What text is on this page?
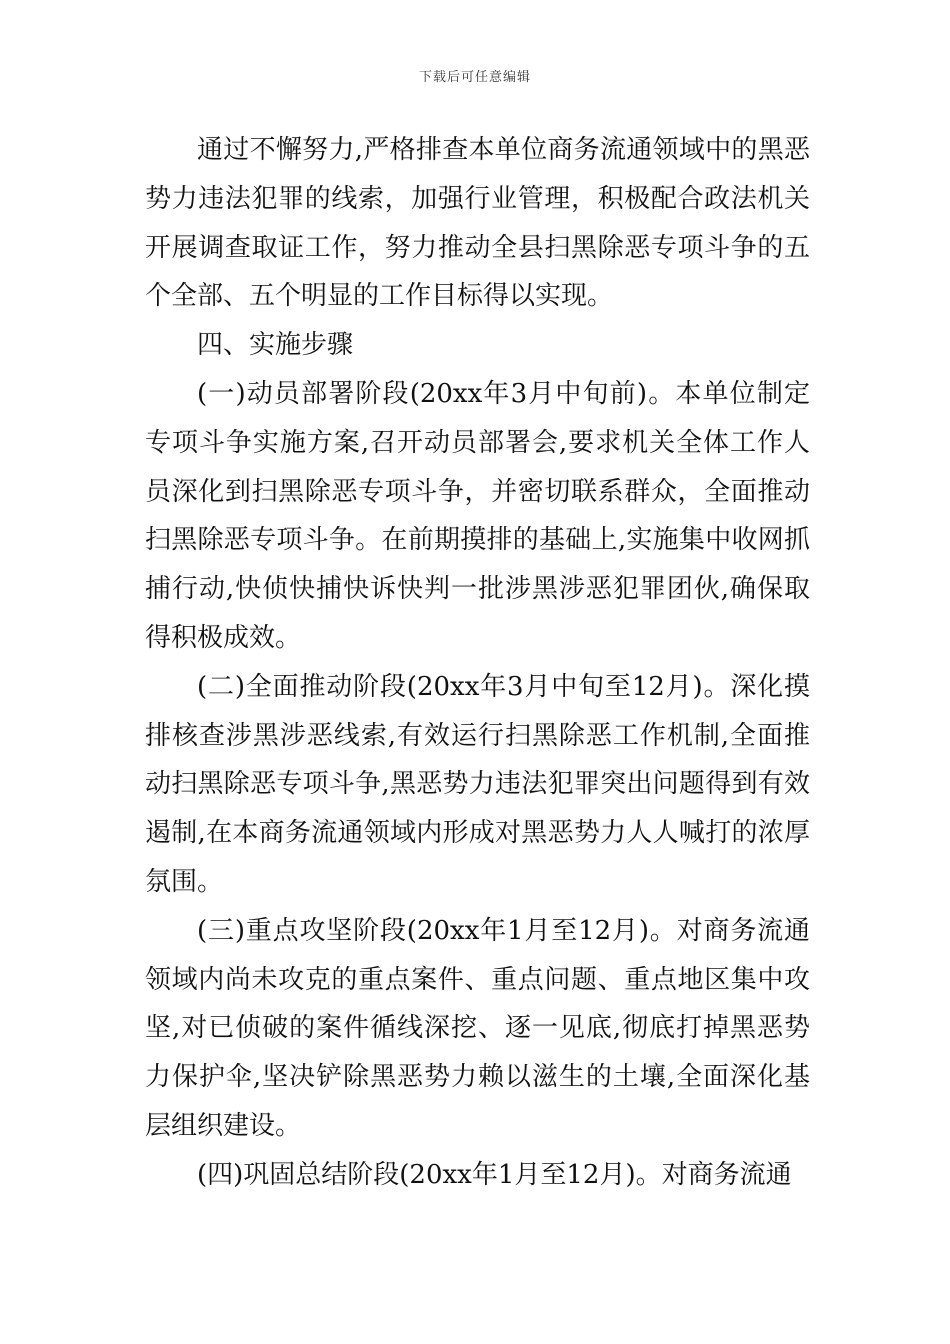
下载后可任意编辑

通过不懈努力,严格排查本单位商务流通领域中的黑恶势力违法犯罪的线索，加强行业管理，积极配合政法机关开展调查取证工作，努力推动全县扫黑除恶专项斗争的五个全部、五个明显的工作目标得以实现。

四、实施步骤

(一)动员部署阶段(20xx年3月中旬前)。本单位制定专项斗争实施方案,召开动员部署会,要求机关全体工作人员深化到扫黑除恶专项斗争，并密切联系群众，全面推动扫黑除恶专项斗争。在前期摸排的基础上,实施集中收网抓捕行动,快侦快捕快诉快判一批涉黑涉恶犯罪团伙,确保取得积极成效。

(二)全面推动阶段(20xx年3月中旬至12月)。深化摸排核查涉黑涉恶线索,有效运行扫黑除恶工作机制,全面推动扫黑除恶专项斗争,黑恶势力违法犯罪突出问题得到有效遏制,在本商务流通领域内形成对黑恶势力人人喊打的浓厚氛围。

(三)重点攻坚阶段(20xx年1月至12月)。对商务流通领域内尚未攻克的重点案件、重点问题、重点地区集中攻坚,对已侦破的案件循线深挖、逐一见底,彻底打掉黑恶势力保护伞,坚决铲除黑恶势力赖以滋生的土壤,全面深化基层组织建设。

(四)巩固总结阶段(20xx年1月至12月)。对商务流通
